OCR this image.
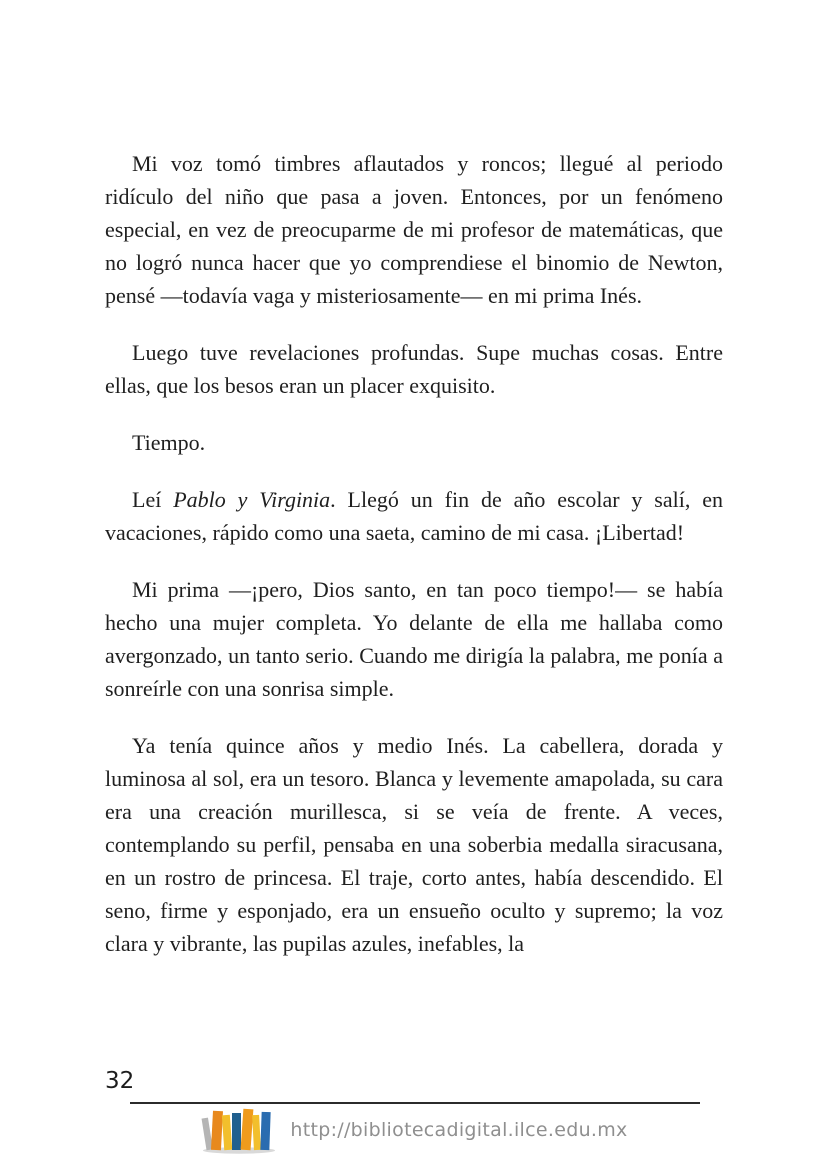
Mi voz tomó timbres aflautados y roncos; llegué al periodo ridículo del niño que pasa a joven. Entonces, por un fenómeno especial, en vez de preocuparme de mi profesor de matemáticas, que no logró nunca hacer que yo comprendiese el binomio de Newton, pensé —todavía vaga y misteriosamente— en mi prima Inés.

Luego tuve revelaciones profundas. Supe muchas cosas. Entre ellas, que los besos eran un placer exquisito.

Tiempo.

Leí Pablo y Virginia. Llegó un fin de año escolar y salí, en vacaciones, rápido como una saeta, camino de mi casa. ¡Libertad!

Mi prima —¡pero, Dios santo, en tan poco tiempo!— se había hecho una mujer completa. Yo delante de ella me hallaba como avergonzado, un tanto serio. Cuando me dirigía la palabra, me ponía a sonreírle con una sonrisa simple.

Ya tenía quince años y medio Inés. La cabellera, dorada y luminosa al sol, era un tesoro. Blanca y levemente amapolada, su cara era una creación murillesca, si se veía de frente. A veces, contemplando su perfil, pensaba en una soberbia medalla siracusana, en un rostro de princesa. El traje, corto antes, había descendido. El seno, firme y esponjado, era un ensueño oculto y supremo; la voz clara y vibrante, las pupilas azules, inefables, la

32
http://bibliotecadigital.ilce.edu.mx
